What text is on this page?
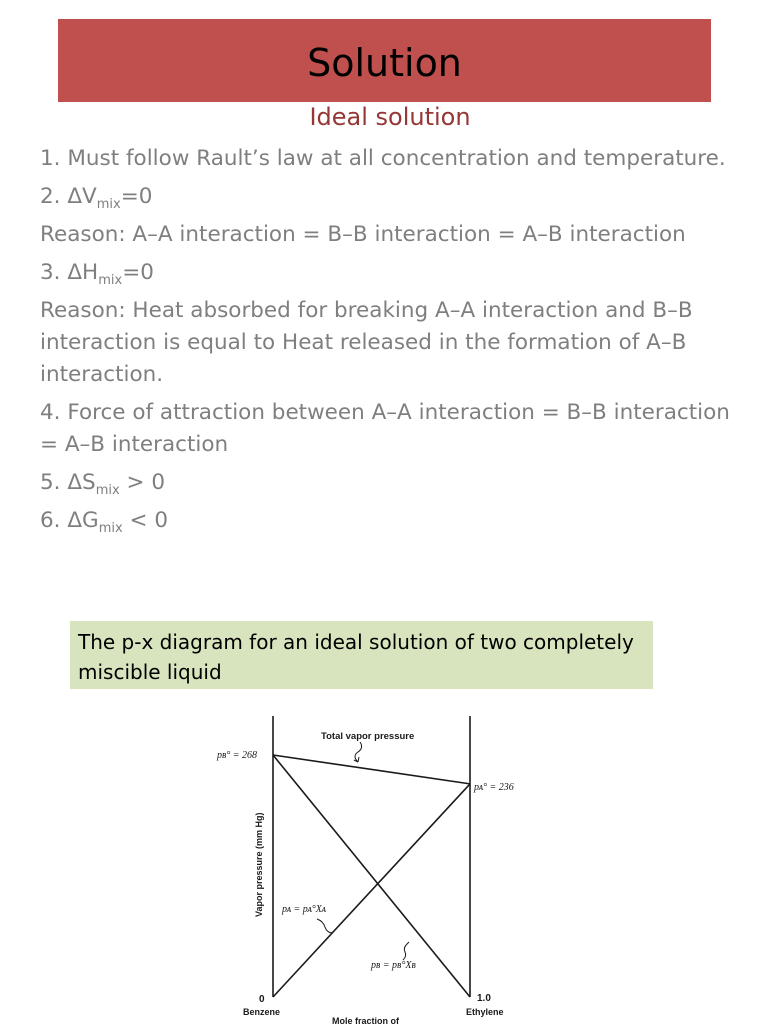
Solution
Ideal solution

1. Must follow Rault’s law at all concentration and temperature.

2. $\Delta V_{mix}=0$

Reason: A–A interaction = B–B interaction = A–B interaction

3. $\Delta H_{mix}=0$

Reason: Heat absorbed for breaking A–A interaction and B–B interaction is equal to Heat released in the formation of A–B interaction.

4. Force of attraction between A–A interaction = B–B interaction = A–B interaction

5. $\Delta S_{mix} > 0$

6. $\Delta G_{mix} < 0$

The p-x diagram for an ideal solution of two completely miscible liquid
Total vapor pressure
pʙ° = 268
pᴀ° = 236
pᴀ = pᴀ°Xᴀ
pʙ = pʙ°Xʙ
Vapor pressure (mm Hg)
0	1.0
Benzene	Ethylene
Mole fraction of
